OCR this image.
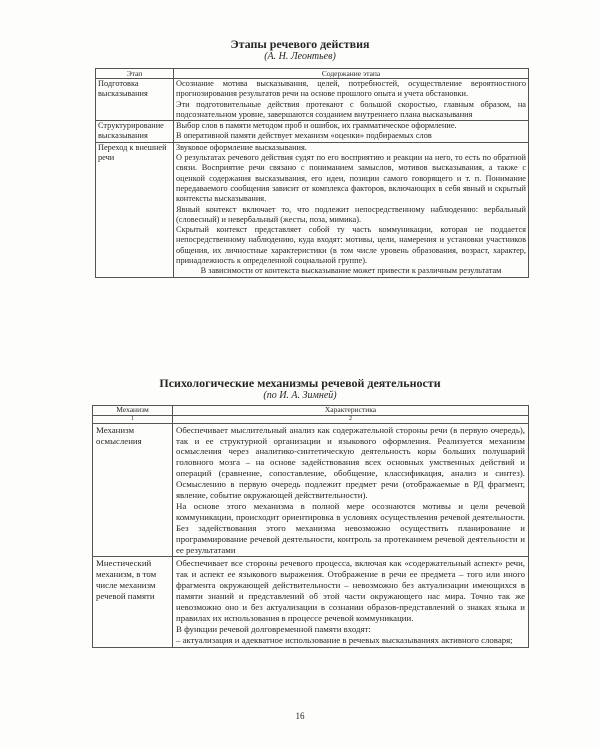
Этапы речевого действия
(А. Н. Леонтьев)
Этап	Содержание этапа
Подготовка высказывания	Осознание мотива высказывания, целей, потребностей, осуществление вероятностного прогнозирования результатов речи на основе прошлого опыта и учета обстановки.

Эти подготовительные действия протекают с большой скоростью, главным образом, на подсознательном уровне, завершаются созданием внутреннего плана высказывания

Структурирование высказывания	Выбор слов в памяти методом проб и ошибок, их грамматическое оформление.

В оперативной памяти действует механизм «оценки» подбираемых слов

Переход к внешней речи	Звуковое оформление высказывания.

О результатах речевого действия судят по его восприятию и реакции на него, то есть по обратной связи. Восприятие речи связано с пониманием замыслов, мотивов высказывания, а также с оценкой содержания высказывания, его идеи, позиции самого говорящего и т. п. Понимание передаваемого сообщения зависит от комплекса факторов, включающих в себя явный и скрытый контексты высказывания.

Явный контекст включает то, что подлежит непосредственному наблюдению: вербальный (словесный) и невербальный (жесты, поза, мимика).

Скрытый контекст представляет собой ту часть коммуникации, которая не поддается непосредственному наблюдению, куда входят: мотивы, цели, намерения и установки участников общения, их личностные характеристики (в том числе уровень образования, возраст, характер, принадлежность к определенной социальной группе).

В зависимости от контекста высказывание может привести к различным результатам

Психологические механизмы речевой деятельности
(по И. А. Зимней)
Механизм	Характеристика
1	2
Механизм осмысления	Обеспечивает мыслительный анализ как содержательной стороны речи (в первую очередь), так и ее структурной организации и языкового оформления. Реализуется механизм осмысления через аналитико-синтетическую деятельность коры больших полушарий головного мозга – на основе задействования всех основных умственных действий и операций (сравнение, сопоставление, обобщение, классификация, анализ и синтез). Осмыслению в первую очередь подлежит предмет речи (отображаемые в РД фрагмент, явление, событие окружающей действительности).

На основе этого механизма в полной мере осознаются мотивы и цели речевой коммуникации, происходит ориентировка в условиях осуществления речевой деятельности. Без задействования этого механизма невозможно осуществить планирование и программирование речевой деятельности, контроль за протеканием речевой деятельности и ее результатами

Мнестический механизм, в том числе механизм речевой памяти	Обеспечивает все стороны речевого процесса, включая как «содержательный аспект» речи, так и аспект ее языкового выражения. Отображение в речи ее предмета – того или иного фрагмента окружающей действительности – невозможно без актуализации имеющихся в памяти знаний и представлений об этой части окружающего нас мира. Точно так же невозможно оно и без актуализации в сознании образов-представлений о знаках языка и правилах их использования в процессе речевой коммуникации.

В функции речевой долговременной памяти входят:

– актуализация и адекватное использование в речевых высказываниях активного словаря;

16
